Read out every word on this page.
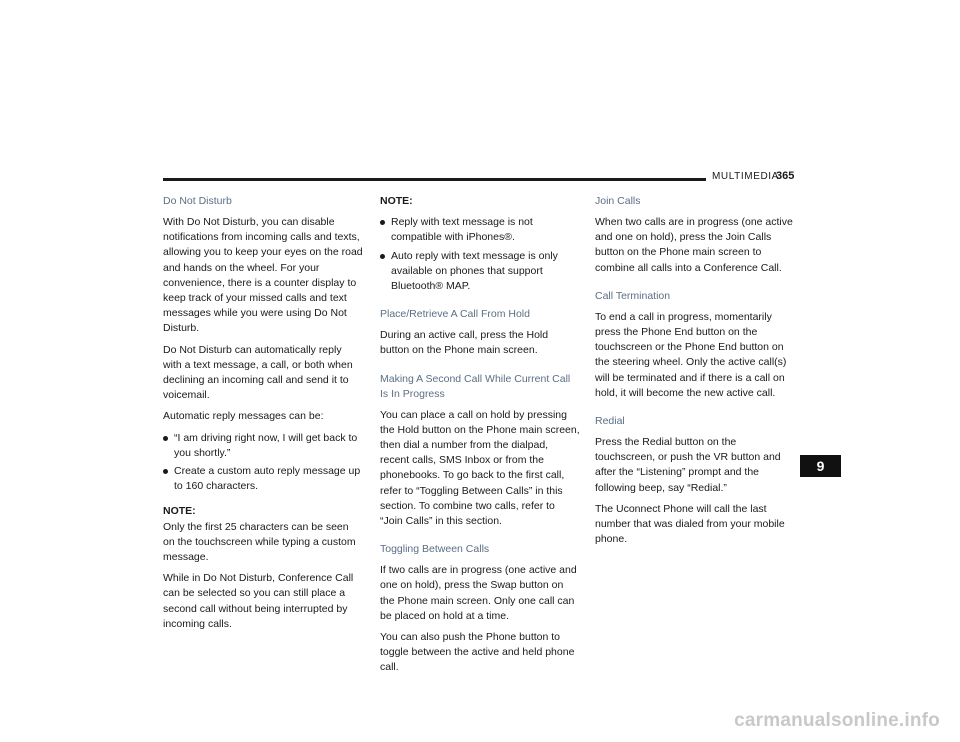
MULTIMEDIA
365
Do Not Disturb

With Do Not Disturb, you can disable notifications from incoming calls and texts, allowing you to keep your eyes on the road and hands on the wheel. For your convenience, there is a counter display to keep track of your missed calls and text messages while you were using Do Not Disturb.

Do Not Disturb can automatically reply with a text message, a call, or both when declining an incoming call and send it to voicemail.

Automatic reply messages can be:

“I am driving right now, I will get back to you shortly.”
Create a custom auto reply message up to 160 characters.
NOTE:

Only the first 25 characters can be seen on the touchscreen while typing a custom message.

While in Do Not Disturb, Conference Call can be selected so you can still place a second call without being interrupted by incoming calls.

NOTE:
Reply with text message is not compatible with iPhones®.
Auto reply with text message is only available on phones that support Bluetooth® MAP.
Place/Retrieve A Call From Hold

During an active call, press the Hold button on the Phone main screen.

Making A Second Call While Current Call Is In Progress

You can place a call on hold by pressing the Hold button on the Phone main screen, then dial a number from the dialpad, recent calls, SMS Inbox or from the phonebooks. To go back to the first call, refer to “Toggling Between Calls” in this section. To combine two calls, refer to “Join Calls” in this section.

Toggling Between Calls

If two calls are in progress (one active and one on hold), press the Swap button on the Phone main screen. Only one call can be placed on hold at a time.

You can also push the Phone button to toggle between the active and held phone call.

Join Calls

When two calls are in progress (one active and one on hold), press the Join Calls button on the Phone main screen to combine all calls into a Conference Call.

Call Termination

To end a call in progress, momentarily press the Phone End button on the touchscreen or the Phone End button on the steering wheel. Only the active call(s) will be terminated and if there is a call on hold, it will become the new active call.

Redial

Press the Redial button on the touchscreen, or push the VR button and after the “Listening” prompt and the following beep, say “Redial.”

The Uconnect Phone will call the last number that was dialed from your mobile phone.

9
carmanualsonline.info
